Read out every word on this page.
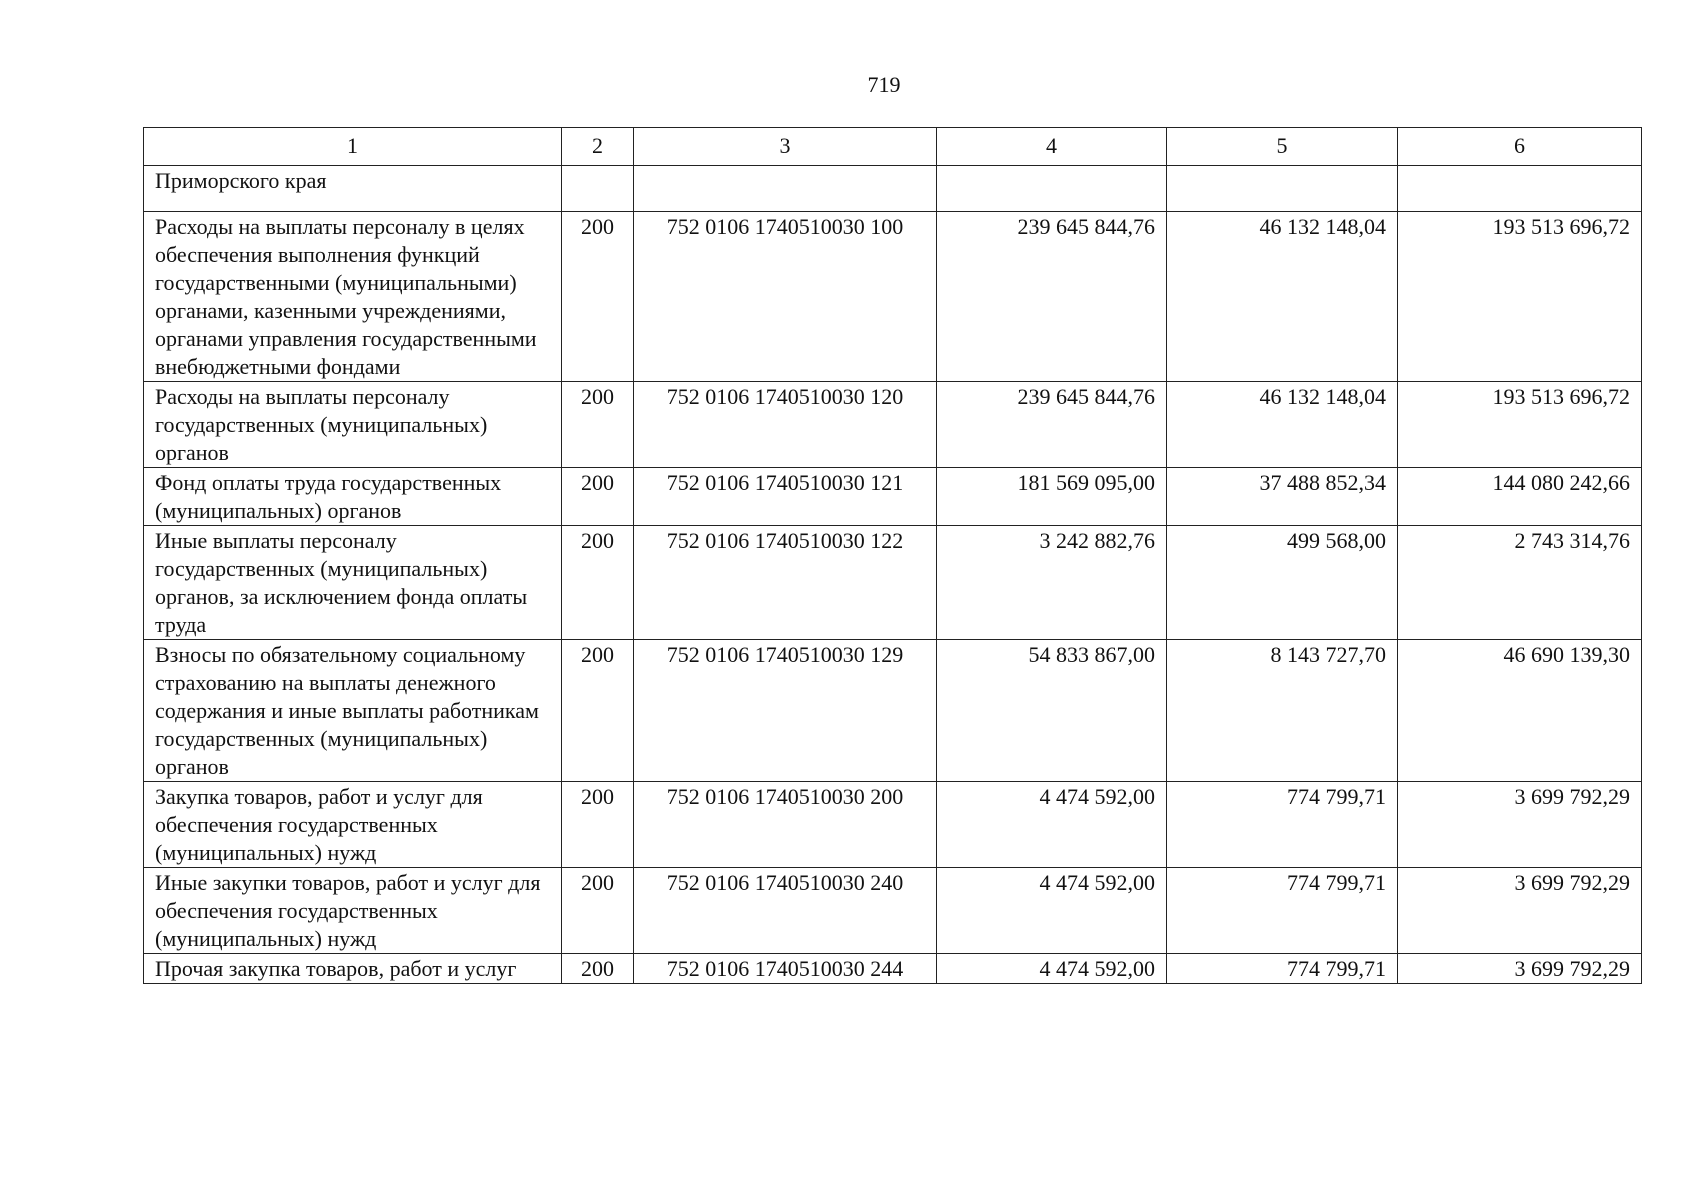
719
1	2	3	4	5	6
Приморского края					
Расходы на выплаты персоналу в целях обеспечения выполнения функций государственными (муниципальными) органами, казенными учреждениями, органами управления государственными внебюджетными фондами	200	752 0106 1740510030 100	239 645 844,76	46 132 148,04	193 513 696,72
Расходы на выплаты персоналу государственных (муниципальных) органов	200	752 0106 1740510030 120	239 645 844,76	46 132 148,04	193 513 696,72
Фонд оплаты труда государственных (муниципальных) органов	200	752 0106 1740510030 121	181 569 095,00	37 488 852,34	144 080 242,66
Иные выплаты персоналу государственных (муниципальных) органов, за исключением фонда оплаты труда	200	752 0106 1740510030 122	3 242 882,76	499 568,00	2 743 314,76
Взносы по обязательному социальному страхованию на выплаты денежного содержания и иные выплаты работникам государственных (муниципальных) органов	200	752 0106 1740510030 129	54 833 867,00	8 143 727,70	46 690 139,30
Закупка товаров, работ и услуг для обеспечения государственных (муниципальных) нужд	200	752 0106 1740510030 200	4 474 592,00	774 799,71	3 699 792,29
Иные закупки товаров, работ и услуг для обеспечения государственных (муниципальных) нужд	200	752 0106 1740510030 240	4 474 592,00	774 799,71	3 699 792,29
Прочая закупка товаров, работ и услуг	200	752 0106 1740510030 244	4 474 592,00	774 799,71	3 699 792,29
